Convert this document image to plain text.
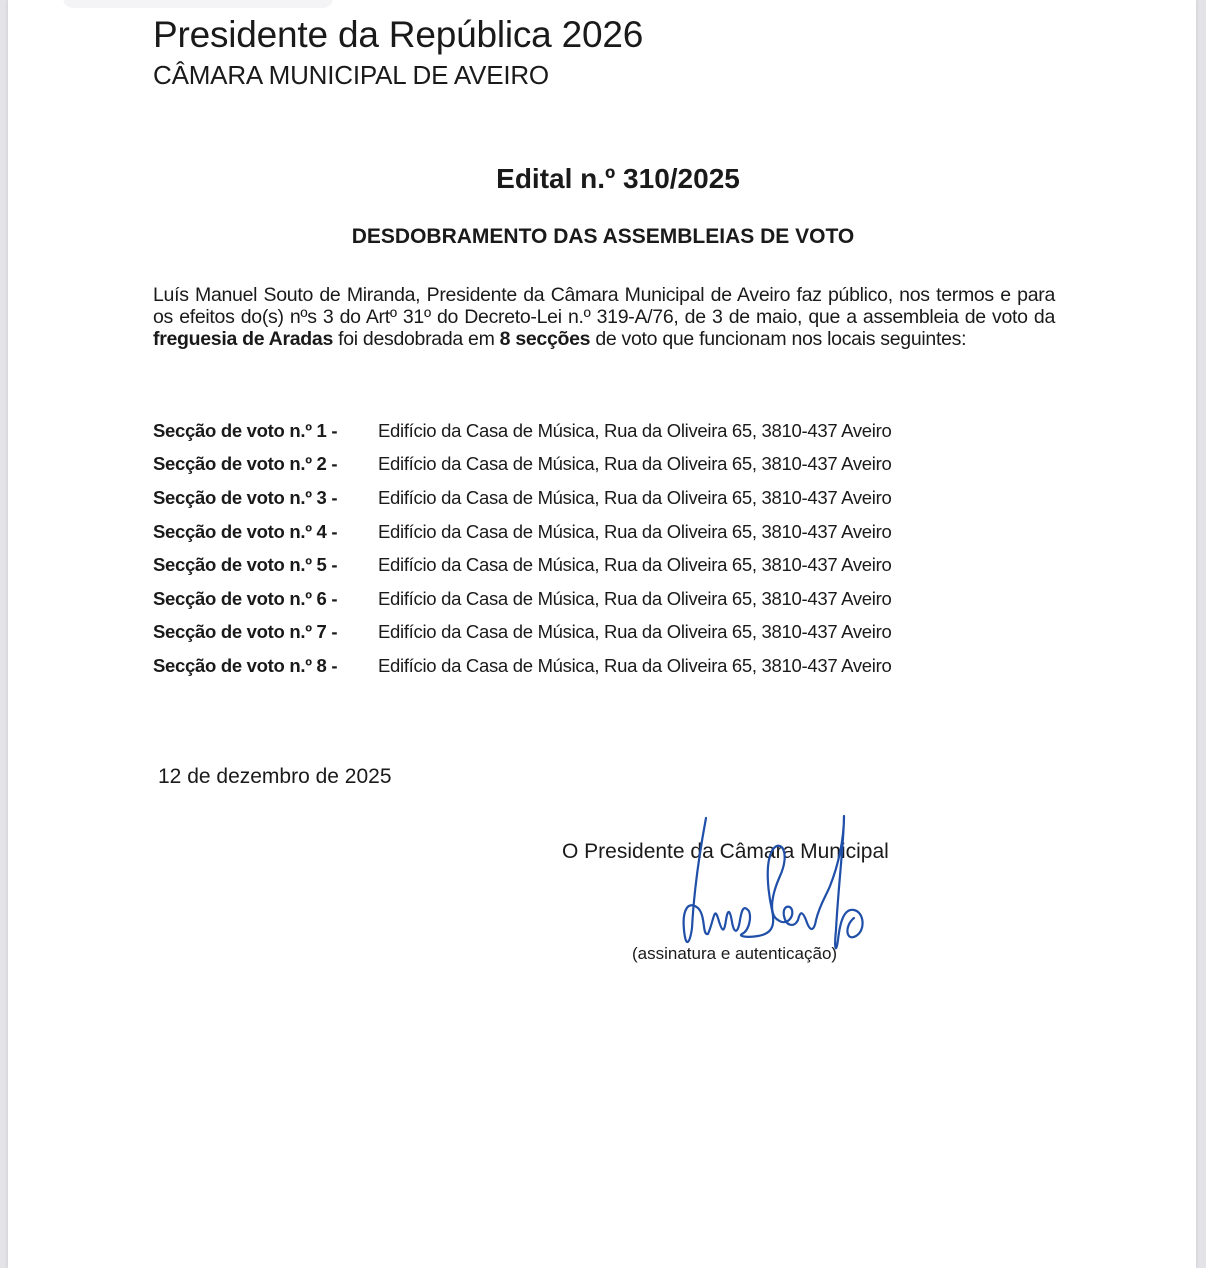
Presidente da República 2026
CÂMARA MUNICIPAL DE AVEIRO
Edital n.º 310/2025
DESDOBRAMENTO DAS ASSEMBLEIAS DE VOTO
Luís Manuel Souto de Miranda, Presidente da Câmara Municipal de Aveiro faz público, nos termos e para os efeitos do(s) nºs 3 do Artº 31º do Decreto-Lei n.º 319-A/76, de 3 de maio, que a assembleia de voto da freguesia de Aradas foi desdobrada em 8 secções de voto que funcionam nos locais seguintes:
Secção de voto n.º 1 -	Edifício da Casa de Música, Rua da Oliveira 65, 3810-437 Aveiro
Secção de voto n.º 2 -	Edifício da Casa de Música, Rua da Oliveira 65, 3810-437 Aveiro
Secção de voto n.º 3 -	Edifício da Casa de Música, Rua da Oliveira 65, 3810-437 Aveiro
Secção de voto n.º 4 -	Edifício da Casa de Música, Rua da Oliveira 65, 3810-437 Aveiro
Secção de voto n.º 5 -	Edifício da Casa de Música, Rua da Oliveira 65, 3810-437 Aveiro
Secção de voto n.º 6 -	Edifício da Casa de Música, Rua da Oliveira 65, 3810-437 Aveiro
Secção de voto n.º 7 -	Edifício da Casa de Música, Rua da Oliveira 65, 3810-437 Aveiro
Secção de voto n.º 8 -	Edifício da Casa de Música, Rua da Oliveira 65, 3810-437 Aveiro
12 de dezembro de 2025
O Presidente da Câmara Municipal
(assinatura e autenticação)
